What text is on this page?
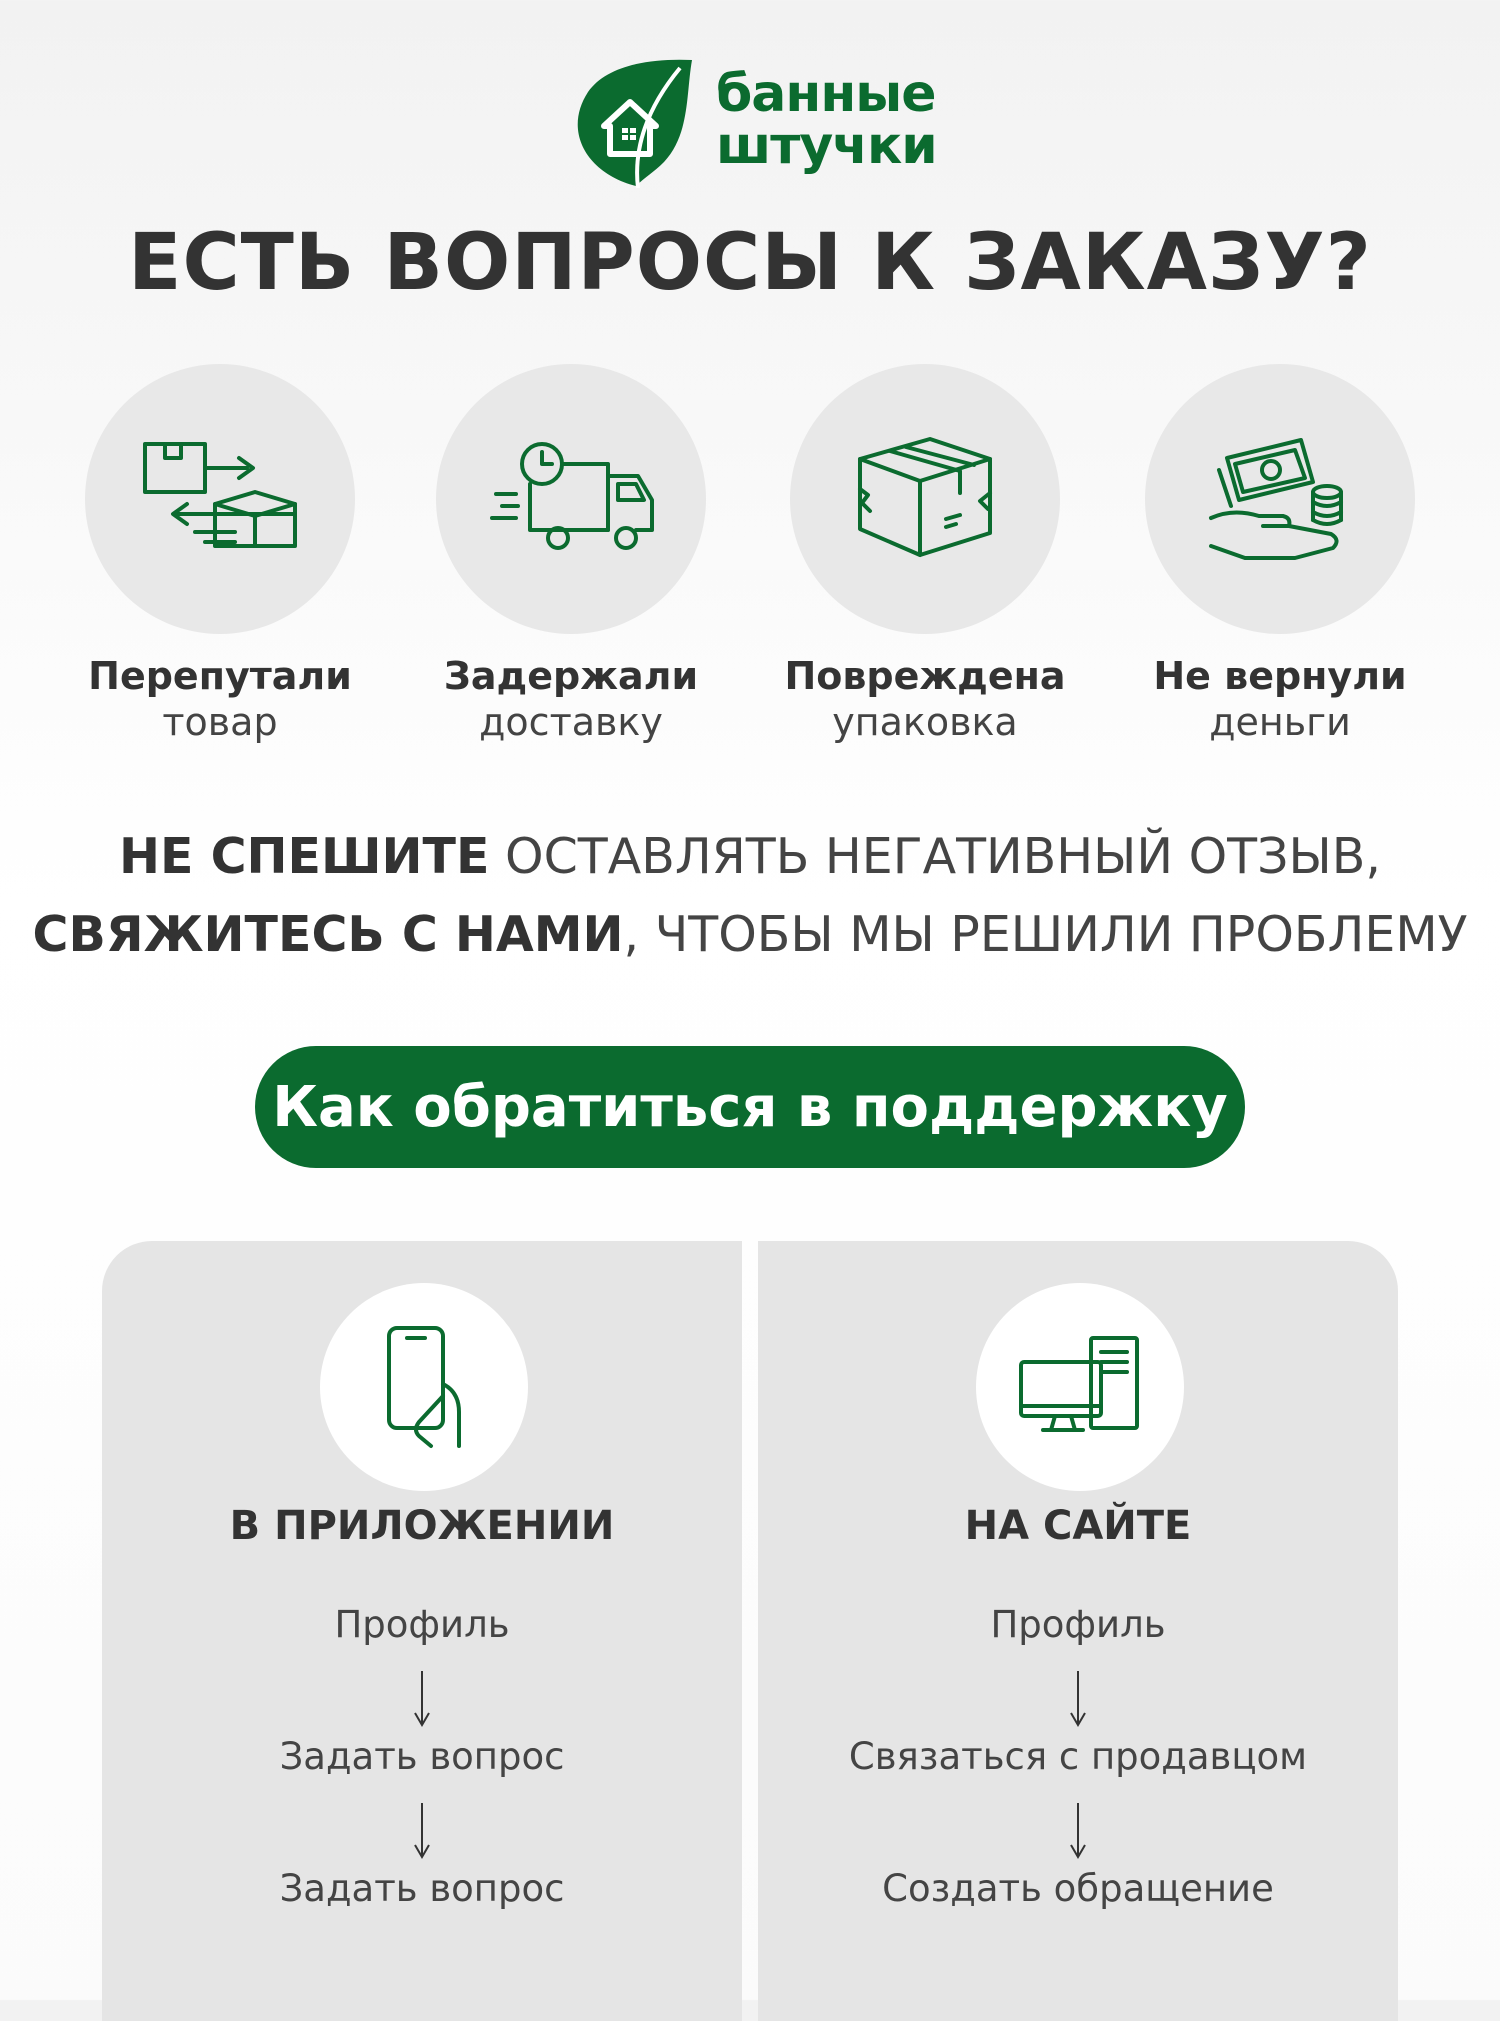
банные
штучки
ЕСТЬ ВОПРОСЫ К ЗАКАЗУ?
Перепутали
товар
Задержали
доставку
Повреждена
упаковка
Не вернули
деньги
НЕ СПЕШИТЕ ОСТАВЛЯТЬ НЕГАТИВНЫЙ ОТЗЫВ,
СВЯЖИТЕСЬ С НАМИ, ЧТОБЫ МЫ РЕШИЛИ ПРОБЛЕМУ
Как обратиться в поддержку
В ПРИЛОЖЕНИИ
Профиль
Задать вопрос
Задать вопрос
НА САЙТЕ
Профиль
Связаться с продавцом
Создать обращение
